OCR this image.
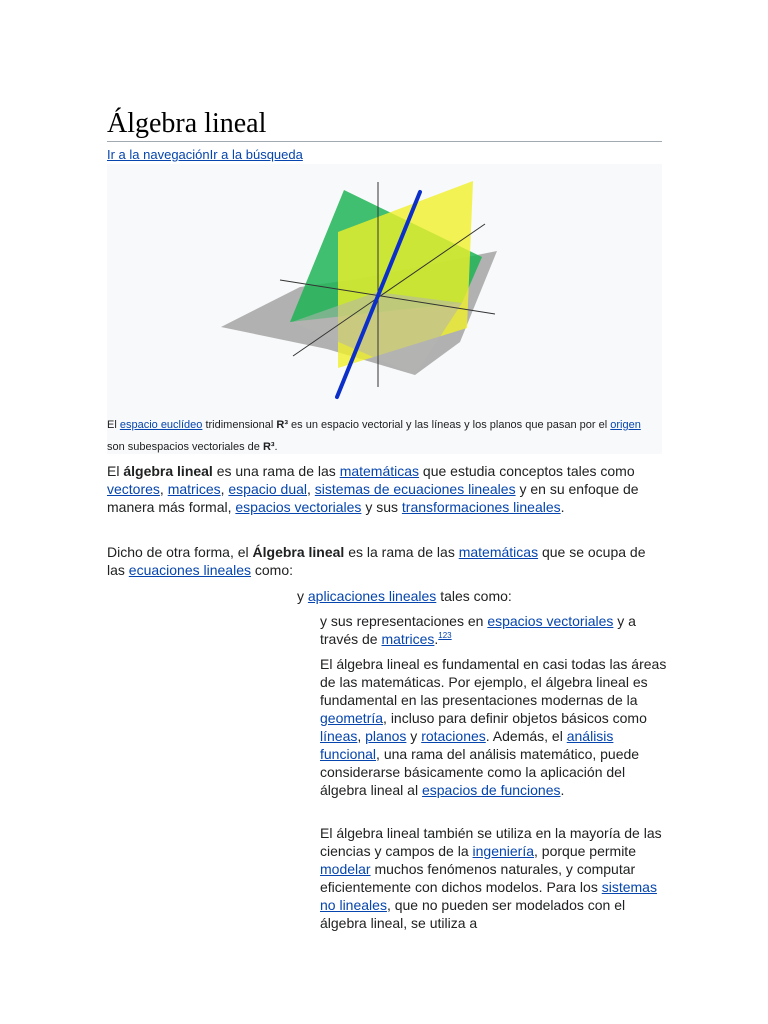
Álgebra lineal
Ir a la navegaciónIr a la búsqueda

El espacio euclídeo tridimensional R³ es un espacio vectorial y las líneas y los planos que pasan por el origen son subespacios vectoriales de R³.

El álgebra lineal es una rama de las matemáticas que estudia conceptos tales como vectores, matrices, espacio dual, sistemas de ecuaciones lineales y en su enfoque de manera más formal, espacios vectoriales y sus transformaciones lineales.

Dicho de otra forma, el Álgebra lineal es la rama de las matemáticas que se ocupa de las ecuaciones lineales como:

y aplicaciones lineales tales como:

y sus representaciones en espacios vectoriales y a través de matrices.$^{123}$

El álgebra lineal es fundamental en casi todas las áreas de las matemáticas. Por ejemplo, el álgebra lineal es fundamental en las presentaciones modernas de la geometría, incluso para definir objetos básicos como líneas, planos y rotaciones. Además, el análisis funcional, una rama del análisis matemático, puede considerarse básicamente como la aplicación del álgebra lineal al espacios de funciones.

El álgebra lineal también se utiliza en la mayoría de las ciencias y campos de la ingeniería, porque permite modelar muchos fenómenos naturales, y computar eficientemente con dichos modelos. Para los sistemas no lineales, que no pueden ser modelados con el álgebra lineal, se utiliza a
